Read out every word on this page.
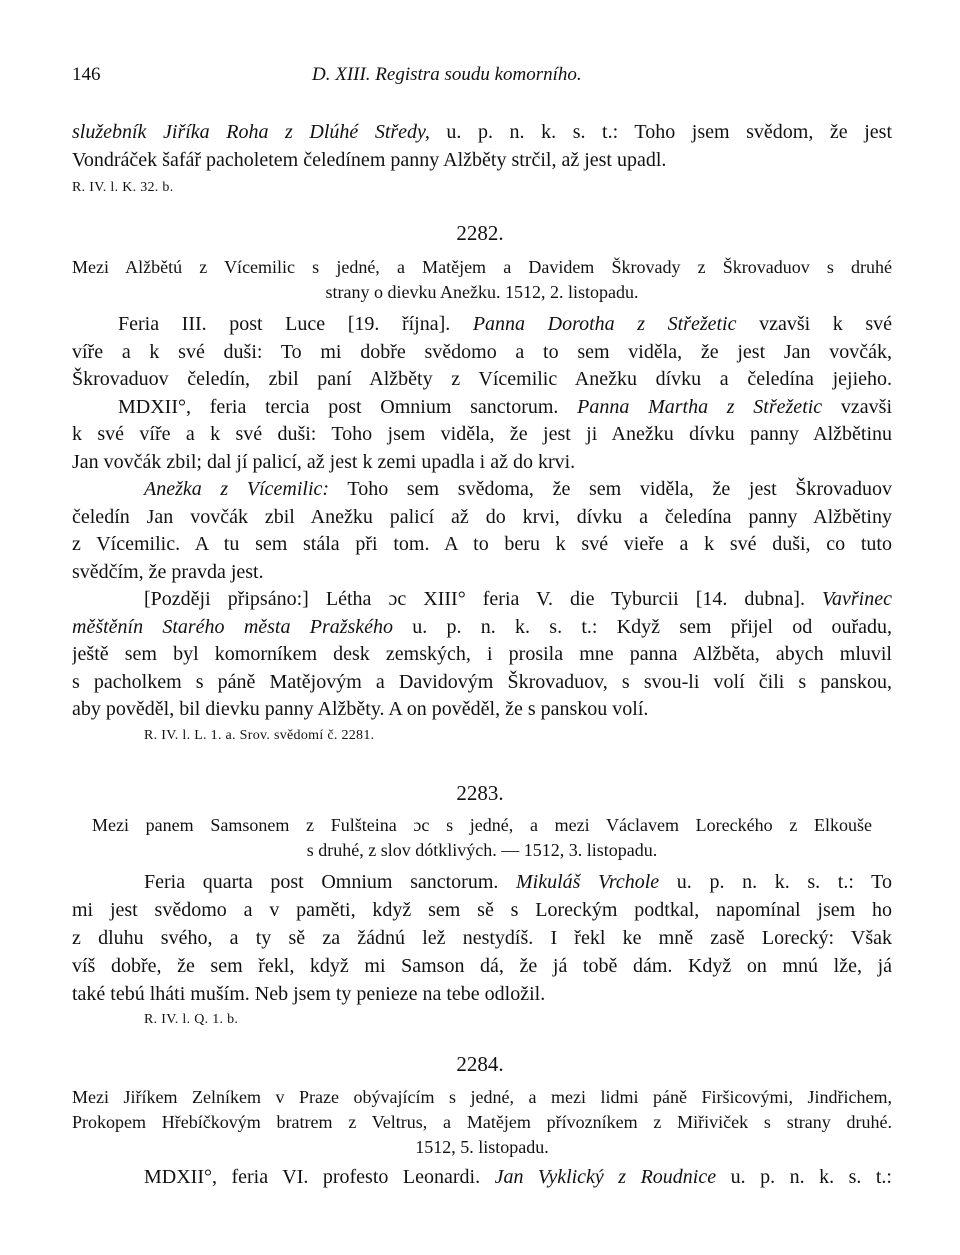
146	D. XIII. Registra soudu komorního.
služebník Jiříka Roha z Dlúhé Středy, u. p. n. k. s. t.: Toho jsem svědom, že jest
Vondráček šafář pacholetem čeledínem panny Alžběty strčil, až jest upadl.
R. IV. l. K. 32. b.
2282.
Mezi Alžbětú z Vícemilic s jedné, a Matějem a Davidem Škrovady z Škrovaduov s druhé
strany o dievku Anežku. 1512, 2. listopadu.
Feria III. post Luce [19. října]. Panna Dorotha z Střežetic vzavši k své
víře a k své duši: To mi dobře svědomo a to sem viděla, že jest Jan vovčák,
Škrovaduov čeledín, zbil paní Alžběty z Vícemilic Anežku dívku a čeledína jejieho.
MDXII°, feria tercia post Omnium sanctorum. Panna Martha z Střežetic vzavši
k své víře a k své duši: Toho jsem viděla, že jest ji Anežku dívku panny Alžbětinu
Jan vovčák zbil; dal jí palicí, až jest k zemi upadla i až do krvi.
Anežka z Vícemilic: Toho sem svědoma, že sem viděla, že jest Škrovaduov
čeledín Jan vovčák zbil Anežku palicí až do krvi, dívku a čeledína panny Alžbětiny
z Vícemilic. A tu sem stála při tom. A to beru k své vieře a k své duši, co tuto
svědčím, že pravda jest.
[Později připsáno:] Létha ɔc XIII° feria V. die Tyburcii [14. dubna]. Vavřinec
měštěnín Starého města Pražského u. p. n. k. s. t.: Když sem přijel od ouřadu,
ještě sem byl komorníkem desk zemských, i prosila mne panna Alžběta, abych mluvil
s pacholkem s páně Matějovým a Davidovým Škrovaduov, s svou-li volí čili s panskou,
aby pověděl, bil dievku panny Alžběty. A on pověděl, že s panskou volí.
R. IV. l. L. 1. a. Srov. svědomí č. 2281.
2283.
Mezi panem Samsonem z Fulšteina ɔc s jedné, a mezi Václavem Loreckého z Elkouše
s druhé, z slov dótklivých. — 1512, 3. listopadu.
Feria quarta post Omnium sanctorum. Mikuláš Vrchole u. p. n. k. s. t.: To
mi jest svědomo a v paměti, když sem sě s Loreckým podtkal, napomínal jsem ho
z dluhu svého, a ty sě za žádnú lež nestydíš. I řekl ke mně zasě Lorecký: Však
víš dobře, že sem řekl, když mi Samson dá, že já tobě dám. Když on mnú lže, já
také tebú lháti muším. Neb jsem ty penieze na tebe odložil.
R. IV. l. Q. 1. b.
2284.
Mezi Jiříkem Zelníkem v Praze obývajícím s jedné, a mezi lidmi páně Firšicovými, Jindřichem,
Prokopem Hřebíčkovým bratrem z Veltrus, a Matějem přívozníkem z Miřiviček s strany druhé.
1512, 5. listopadu.
MDXII°, feria VI. profesto Leonardi. Jan Vyklický z Roudnice u. p. n. k. s. t.:
